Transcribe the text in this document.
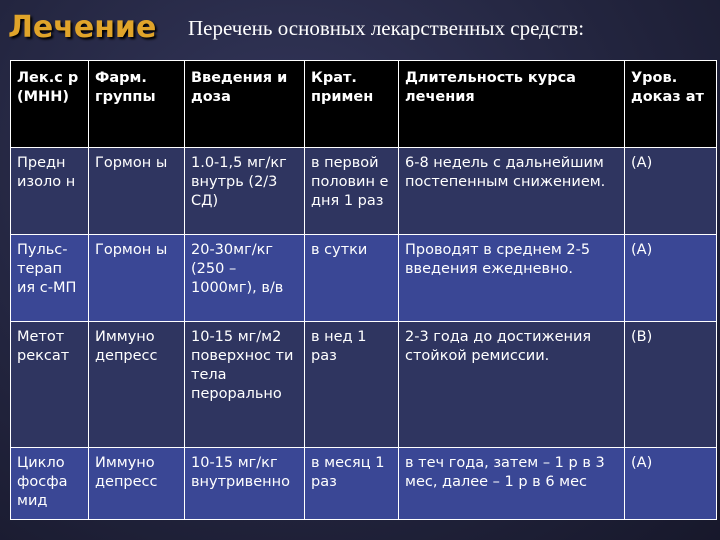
Лечение Перечень основных лекарственных средств:
Лек.с р (МНН)	Фарм. группы	Введения и доза	Крат. примен	Длительность курса лечения	Уров. доказ ат
Предн изоло н	Гормон ы	1.0-1,5 мг/кг внутрь (2/3 СД)	в первой половин е дня 1 раз	6-8 недель с дальнейшим постепенным снижением.	(А)
Пульс-терап ия с-МП	Гормон ы	20-30мг/кг (250 – 1000мг), в/в	в сутки	Проводят в среднем 2-5 введения ежедневно.	(А)
Метот рексат	Иммуно депресс	10-15 мг/м2 поверхнос ти тела перорально	в нед 1 раз	2-3 года до достижения стойкой ремиссии.	(В)
Цикло фосфа мид	Иммуно депресс	10-15 мг/кг внутривенно	в месяц 1 раз	в теч года, затем – 1 р в 3 мес, далее – 1 р в 6 мес	(А)
